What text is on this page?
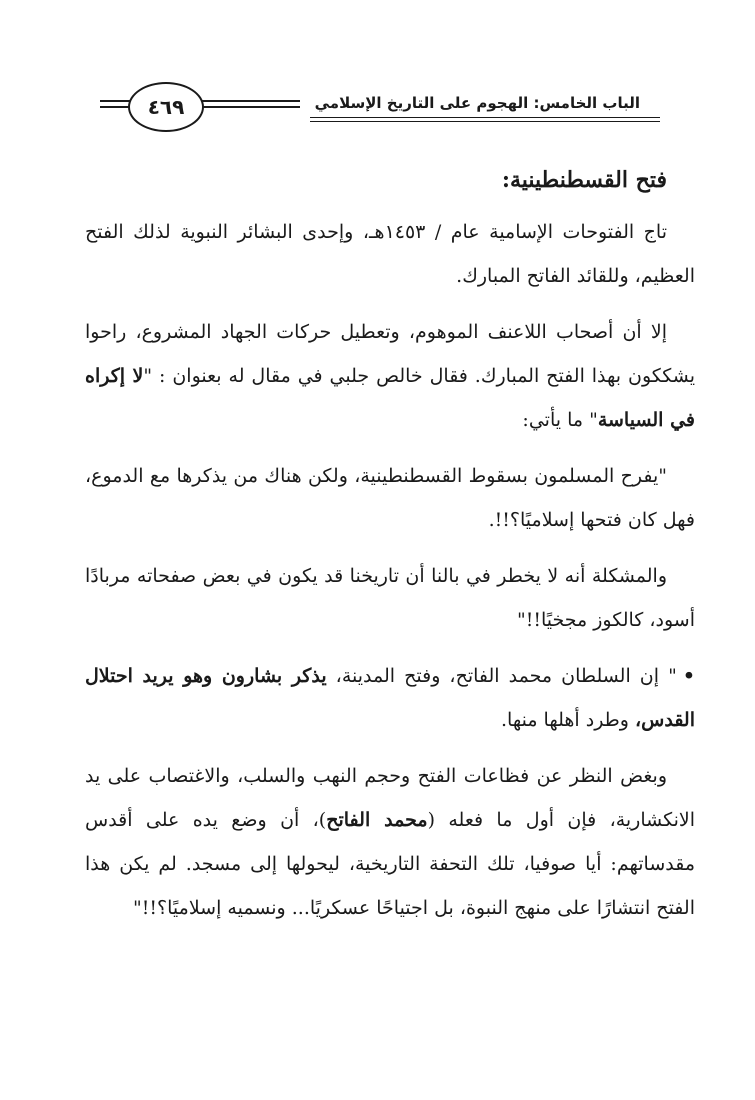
الباب الخامس: الهجوم على التاريخ الإسلامي
٤٦٩
فتح القسطنطينية:

تاج الفتوحات الإسامية عام / ١٤٥٣هـ، وإحدى البشائر النبوية لذلك الفتح العظيم، وللقائد الفاتح المبارك.

إلا أن أصحاب اللاعنف الموهوم، وتعطيل حركات الجهاد المشروع، راحوا يشككون بهذا الفتح المبارك. فقال خالص جلبي في مقال له بعنوان : "لا إكراه في السياسة" ما يأتي:

"يفرح المسلمون بسقوط القسطنطينية، ولكن هناك من يذكرها مع الدموع، فهل كان فتحها إسلاميًا؟!!.

والمشكلة أنه لا يخطر في بالنا أن تاريخنا قد يكون في بعض صفحاته مربادًا أسود، كالكوز مجخيًا!!"

•" إن السلطان محمد الفاتح، وفتح المدينة، يذكر بشارون وهو يريد احتلال القدس، وطرد أهلها منها.

وبغض النظر عن فظاعات الفتح وحجم النهب والسلب، والاغتصاب على يد الانكشارية، فإن أول ما فعله (محمد الفاتح)، أن وضع يده على أقدس مقدساتهم: أيا صوفيا، تلك التحفة التاريخية، ليحولها إلى مسجد. لم يكن هذا الفتح انتشارًا على منهج النبوة، بل اجتياحًا عسكريًا... ونسميه إسلاميًا؟!!"
